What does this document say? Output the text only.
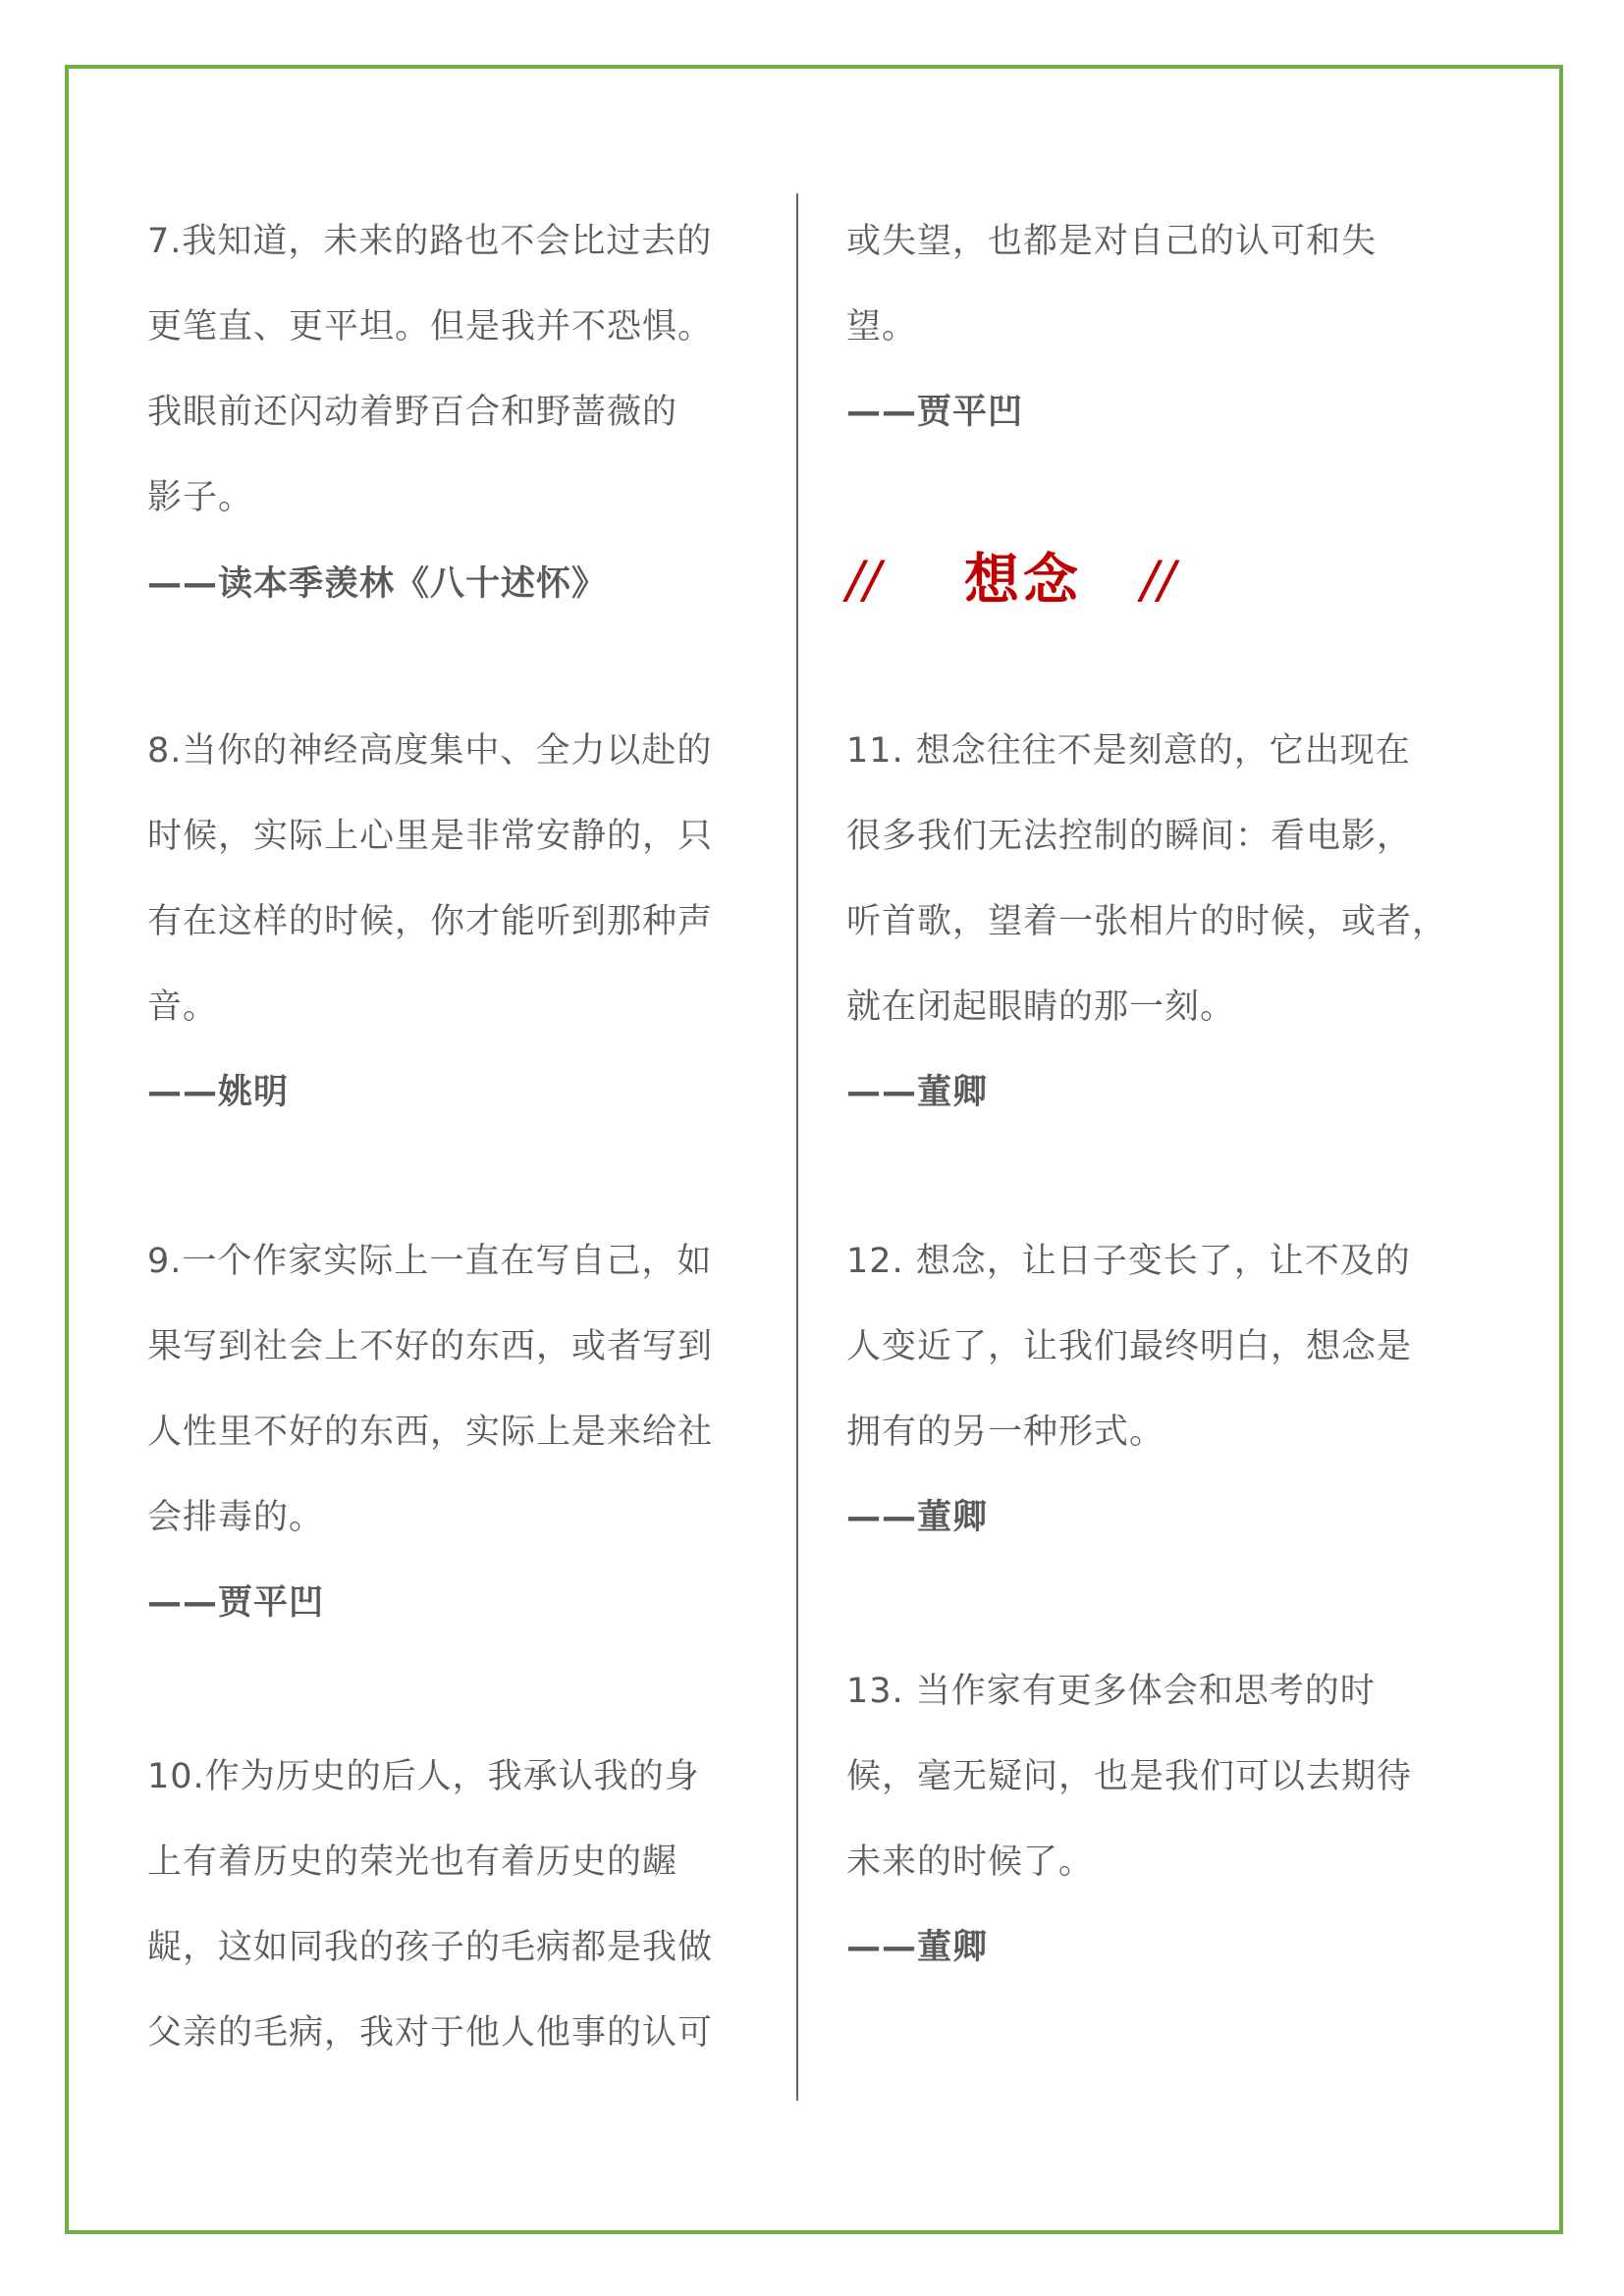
7.我知道，未来的路也不会比过去的
更笔直、更平坦。但是我并不恐惧。
我眼前还闪动着野百合和野蔷薇的
影子。
——读本季羡林《八十述怀》
8.当你的神经高度集中、全力以赴的
时候，实际上心里是非常安静的，只
有在这样的时候，你才能听到那种声
音。
——姚明
9.一个作家实际上一直在写自己，如
果写到社会上不好的东西，或者写到
人性里不好的东西，实际上是来给社
会排毒的。
——贾平凹
10.作为历史的后人，我承认我的身
上有着历史的荣光也有着历史的龌
龊，这如同我的孩子的毛病都是我做
父亲的毛病，我对于他人他事的认可
或失望，也都是对自己的认可和失
望。
——贾平凹
11. 想念往往不是刻意的，它出现在
很多我们无法控制的瞬间：看电影，
听首歌，望着一张相片的时候，或者，
就在闭起眼睛的那一刻。
——董卿
12. 想念，让日子变长了，让不及的
人变近了，让我们最终明白，想念是
拥有的另一种形式。
——董卿
13. 当作家有更多体会和思考的时
候，毫无疑问，也是我们可以去期待
未来的时候了。
——董卿
// 想念 //
